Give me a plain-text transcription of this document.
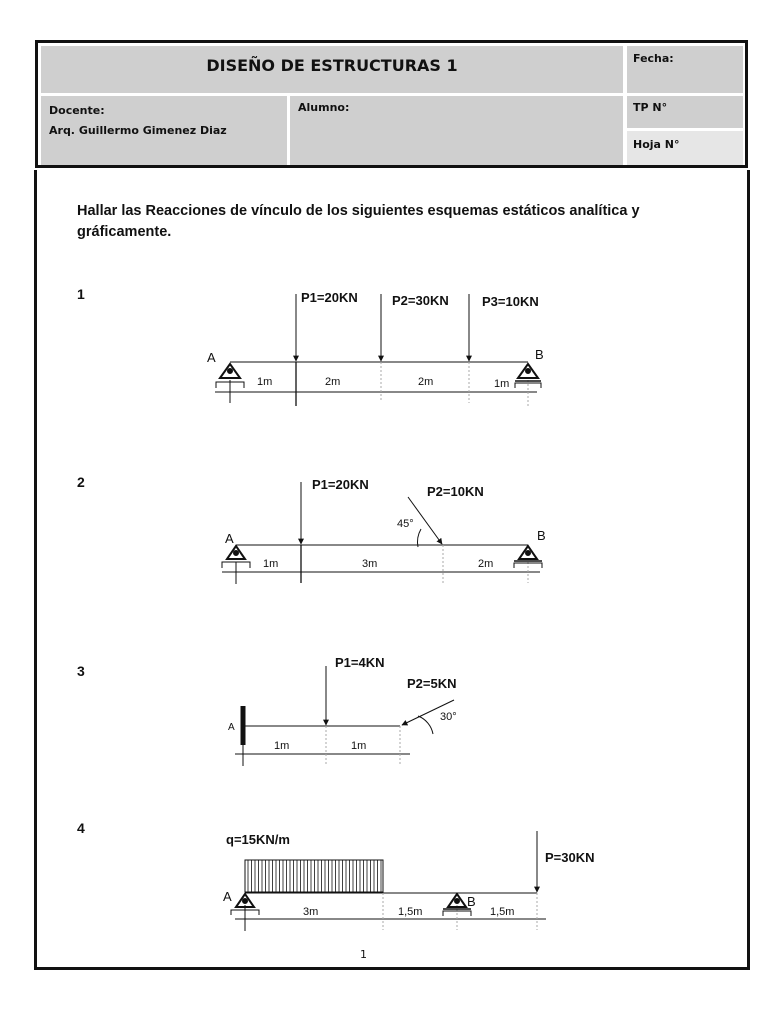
DISEÑO DE ESTRUCTURAS 1	Fecha:
Docente:
Arq. Guillermo Gimenez Diaz
Alumno:	TP N°
Hoja N°
Hallar las Reacciones de vínculo de los siguientes esquemas estáticos analítica y gráficamente.
1
2
3
4
A	B
P1=20KN	P2=30KN	P3=10KN
1m	2m	2m	1m
A	B
P1=20KN	P2=10KN
45°
1m	3m	2m
A
P1=4KN
P2=5KN
30°
1m	1m
q=15KN/m
P=30KN
A	B
3m	1,5m	1,5m
1
